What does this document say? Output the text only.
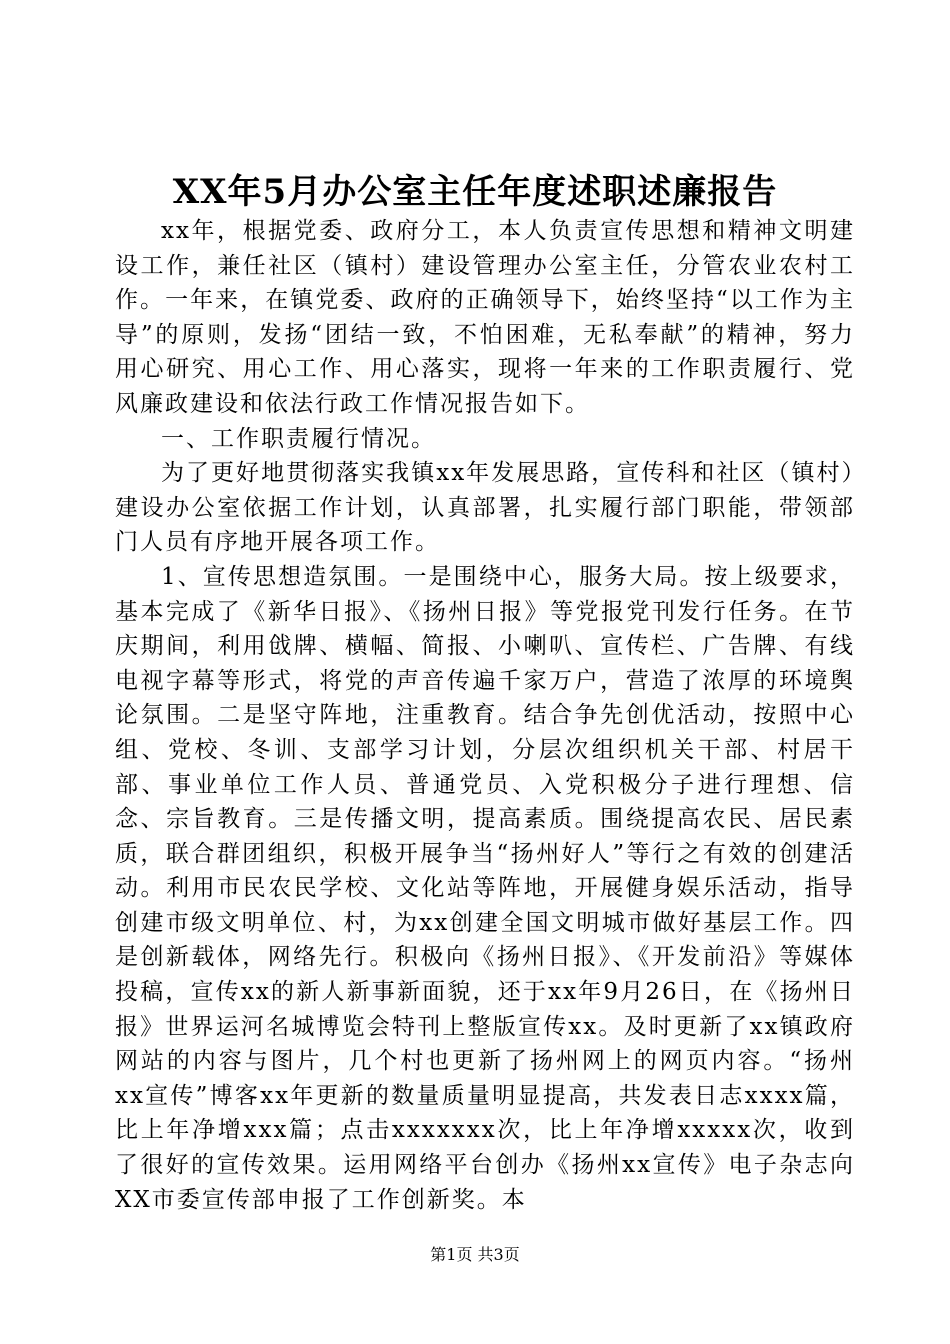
XX年5月办公室主任年度述职述廉报告

xx年，根据党委、政府分工，本人负责宣传思想和精神文明建设工作，兼任社区（镇村）建设管理办公室主任，分管农业农村工作。一年来，在镇党委、政府的正确领导下，始终坚持“以工作为主导”的原则，发扬“团结一致，不怕困难，无私奉献”的精神，努力用心研究、用心工作、用心落实，现将一年来的工作职责履行、党风廉政建设和依法行政工作情况报告如下。

一、工作职责履行情况。

为了更好地贯彻落实我镇xx年发展思路，宣传科和社区（镇村）建设办公室依据工作计划，认真部署，扎实履行部门职能，带领部门人员有序地开展各项工作。

1、宣传思想造氛围。一是围绕中心，服务大局。按上级要求，基本完成了《新华日报》、《扬州日报》等党报党刊发行任务。在节庆期间，利用戗牌、横幅、简报、小喇叭、宣传栏、广告牌、有线电视字幕等形式，将党的声音传遍千家万户，营造了浓厚的环境舆论氛围。二是坚守阵地，注重教育。结合争先创优活动，按照中心组、党校、冬训、支部学习计划，分层次组织机关干部、村居干部、事业单位工作人员、普通党员、入党积极分子进行理想、信念、宗旨教育。三是传播文明，提高素质。围绕提高农民、居民素质，联合群团组织，积极开展争当“扬州好人”等行之有效的创建活动。利用市民农民学校、文化站等阵地，开展健身娱乐活动，指导创建市级文明单位、村，为xx创建全国文明城市做好基层工作。四是创新载体，网络先行。积极向《扬州日报》、《开发前沿》等媒体投稿，宣传xx的新人新事新面貌，还于xx年9月26日，在《扬州日报》世界运河名城博览会特刊上整版宣传xx。及时更新了xx镇政府网站的内容与图片，几个村也更新了扬州网上的网页内容。“扬州xx宣传”博客xx年更新的数量质量明显提高，共发表日志xxxx篇，比上年净增xxx篇；点击xxxxxxx次，比上年净增xxxxx次，收到了很好的宣传效果。运用网络平台创办《扬州xx宣传》电子杂志向XX市委宣传部申报了工作创新奖。本

第1页 共3页
